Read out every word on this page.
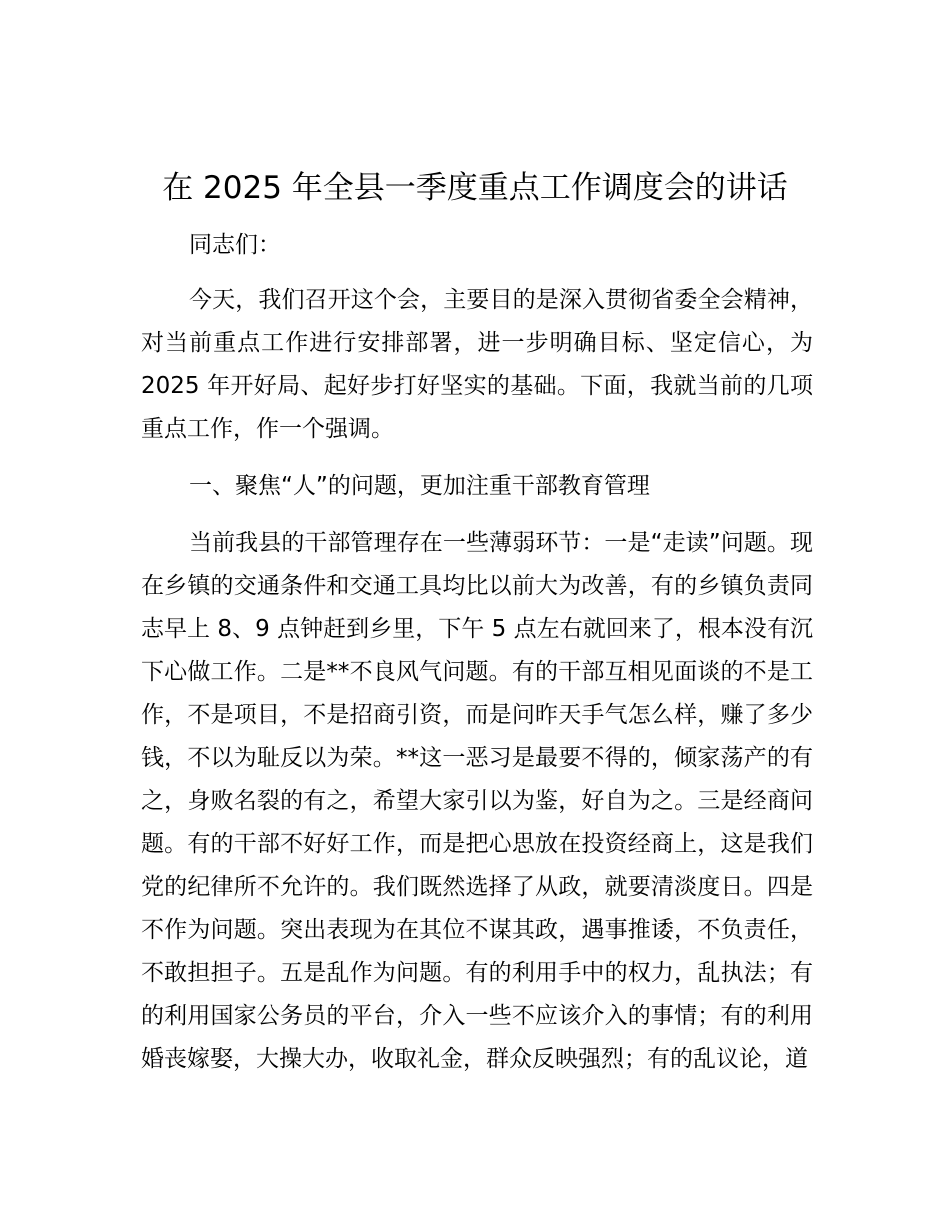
在 2025 年全县一季度重点工作调度会的讲话

同志们：

今天，我们召开这个会，主要目的是深入贯彻省委全会精神，对当前重点工作进行安排部署，进一步明确目标、坚定信心，为 2025 年开好局、起好步打好坚实的基础。下面，我就当前的几项重点工作，作一个强调。

一、聚焦“人”的问题，更加注重干部教育管理

当前我县的干部管理存在一些薄弱环节：一是“走读”问题。现在乡镇的交通条件和交通工具均比以前大为改善，有的乡镇负责同志早上 8、9 点钟赶到乡里，下午 5 点左右就回来了，根本没有沉下心做工作。二是**不良风气问题。有的干部互相见面谈的不是工作，不是项目，不是招商引资，而是问昨天手气怎么样，赚了多少钱，不以为耻反以为荣。**这一恶习是最要不得的，倾家荡产的有之，身败名裂的有之，希望大家引以为鉴，好自为之。三是经商问题。有的干部不好好工作，而是把心思放在投资经商上，这是我们党的纪律所不允许的。我们既然选择了从政，就要清淡度日。四是不作为问题。突出表现为在其位不谋其政，遇事推诿，不负责任，不敢担担子。五是乱作为问题。有的利用手中的权力，乱执法；有的利用国家公务员的平台，介入一些不应该介入的事情；有的利用婚丧嫁娶，大操大办，收取礼金，群众反映强烈；有的乱议论，道
